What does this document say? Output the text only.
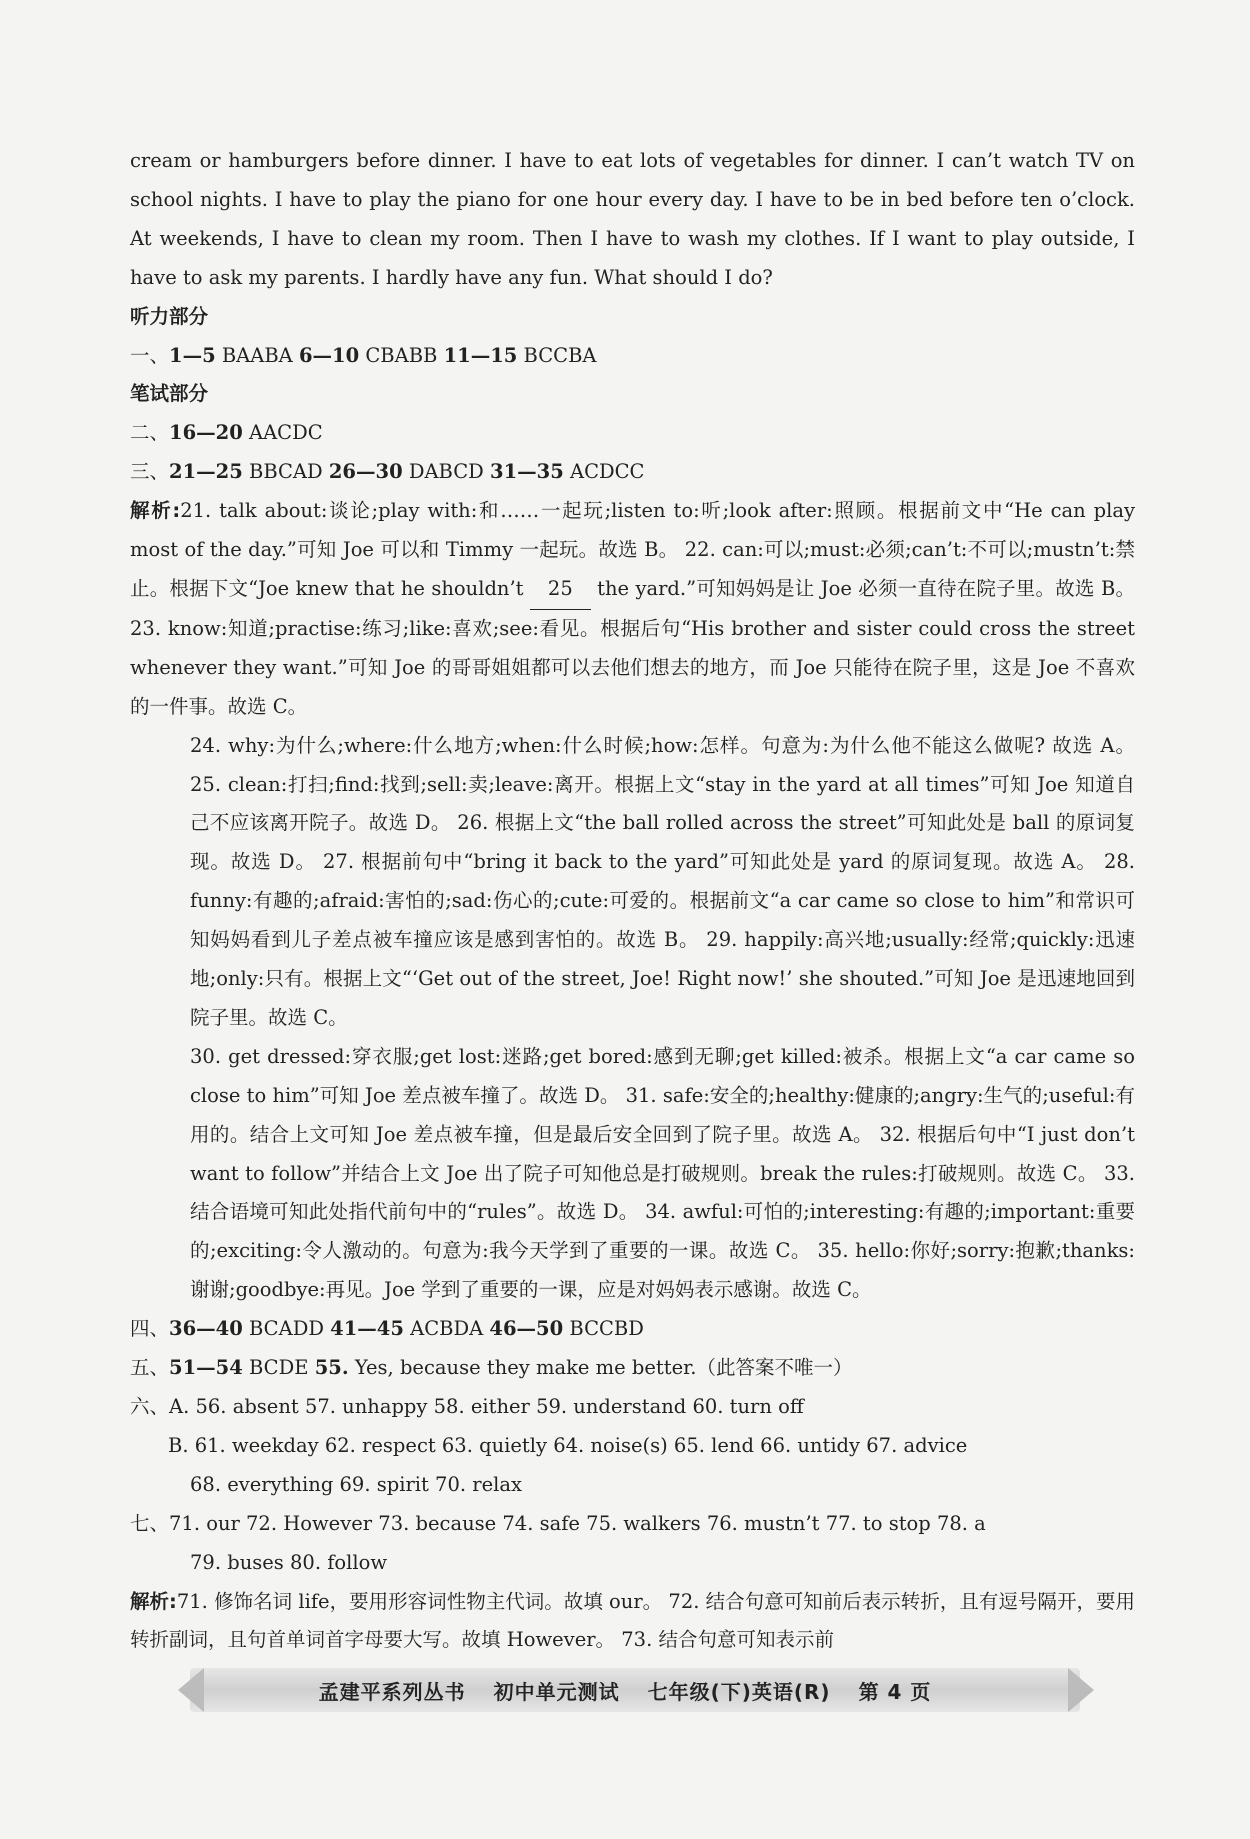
cream or hamburgers before dinner. I have to eat lots of vegetables for dinner. I can’t watch TV on school nights. I have to play the piano for one hour every day. I have to be in bed before ten o’clock. At weekends, I have to clean my room. Then I have to wash my clothes. If I want to play outside, I have to ask my parents. I hardly have any fun. What should I do?

听力部分

一、1—5 BAABA 6—10 CBABB 11—15 BCCBA

笔试部分

二、16—20 AACDC

三、21—25 BBCAD 26—30 DABCD 31—35 ACDCC

解析:21. talk about:谈论;play with:和……一起玩;listen to:听;look after:照顾。根据前文中“He can play most of the day.”可知 Joe 可以和 Timmy 一起玩。故选 B。 22. can:可以;must:必须;can’t:不可以;mustn’t:禁止。根据下文“Joe knew that he shouldn’t 25 the yard.”可知妈妈是让 Joe 必须一直待在院子里。故选 B。 23. know:知道;practise:练习;like:喜欢;see:看见。根据后句“His brother and sister could cross the street whenever they want.”可知 Joe 的哥哥姐姐都可以去他们想去的地方，而 Joe 只能待在院子里，这是 Joe 不喜欢的一件事。故选 C。

24. why:为什么;where:什么地方;when:什么时候;how:怎样。句意为:为什么他不能这么做呢? 故选 A。 25. clean:打扫;find:找到;sell:卖;leave:离开。根据上文“stay in the yard at all times”可知 Joe 知道自己不应该离开院子。故选 D。 26. 根据上文“the ball rolled across the street”可知此处是 ball 的原词复现。故选 D。 27. 根据前句中“bring it back to the yard”可知此处是 yard 的原词复现。故选 A。 28. funny:有趣的;afraid:害怕的;sad:伤心的;cute:可爱的。根据前文“a car came so close to him”和常识可知妈妈看到儿子差点被车撞应该是感到害怕的。故选 B。 29. happily:高兴地;usually:经常;quickly:迅速地;only:只有。根据上文“‘Get out of the street, Joe! Right now!’ she shouted.”可知 Joe 是迅速地回到院子里。故选 C。

30. get dressed:穿衣服;get lost:迷路;get bored:感到无聊;get killed:被杀。根据上文“a car came so close to him”可知 Joe 差点被车撞了。故选 D。 31. safe:安全的;healthy:健康的;angry:生气的;useful:有用的。结合上文可知 Joe 差点被车撞，但是最后安全回到了院子里。故选 A。 32. 根据后句中“I just don’t want to follow”并结合上文 Joe 出了院子可知他总是打破规则。break the rules:打破规则。故选 C。 33. 结合语境可知此处指代前句中的“rules”。故选 D。 34. awful:可怕的;interesting:有趣的;important:重要的;exciting:令人激动的。句意为:我今天学到了重要的一课。故选 C。 35. hello:你好;sorry:抱歉;thanks:谢谢;goodbye:再见。Joe 学到了重要的一课，应是对妈妈表示感谢。故选 C。

四、36—40 BCADD 41—45 ACBDA 46—50 BCCBD

五、51—54 BCDE 55. Yes, because they make me better.（此答案不唯一）

六、A. 56. absent 57. unhappy 58. either 59. understand 60. turn off

B. 61. weekday 62. respect 63. quietly 64. noise(s) 65. lend 66. untidy 67. advice

68. everything 69. spirit 70. relax

七、71. our 72. However 73. because 74. safe 75. walkers 76. mustn’t 77. to stop 78. a

79. buses 80. follow

解析:71. 修饰名词 life，要用形容词性物主代词。故填 our。 72. 结合句意可知前后表示转折，且有逗号隔开，要用转折副词，且句首单词首字母要大写。故填 However。 73. 结合句意可知表示前

孟建平系列丛书 初中单元测试 七年级(下)英语(R) 第 4 页
